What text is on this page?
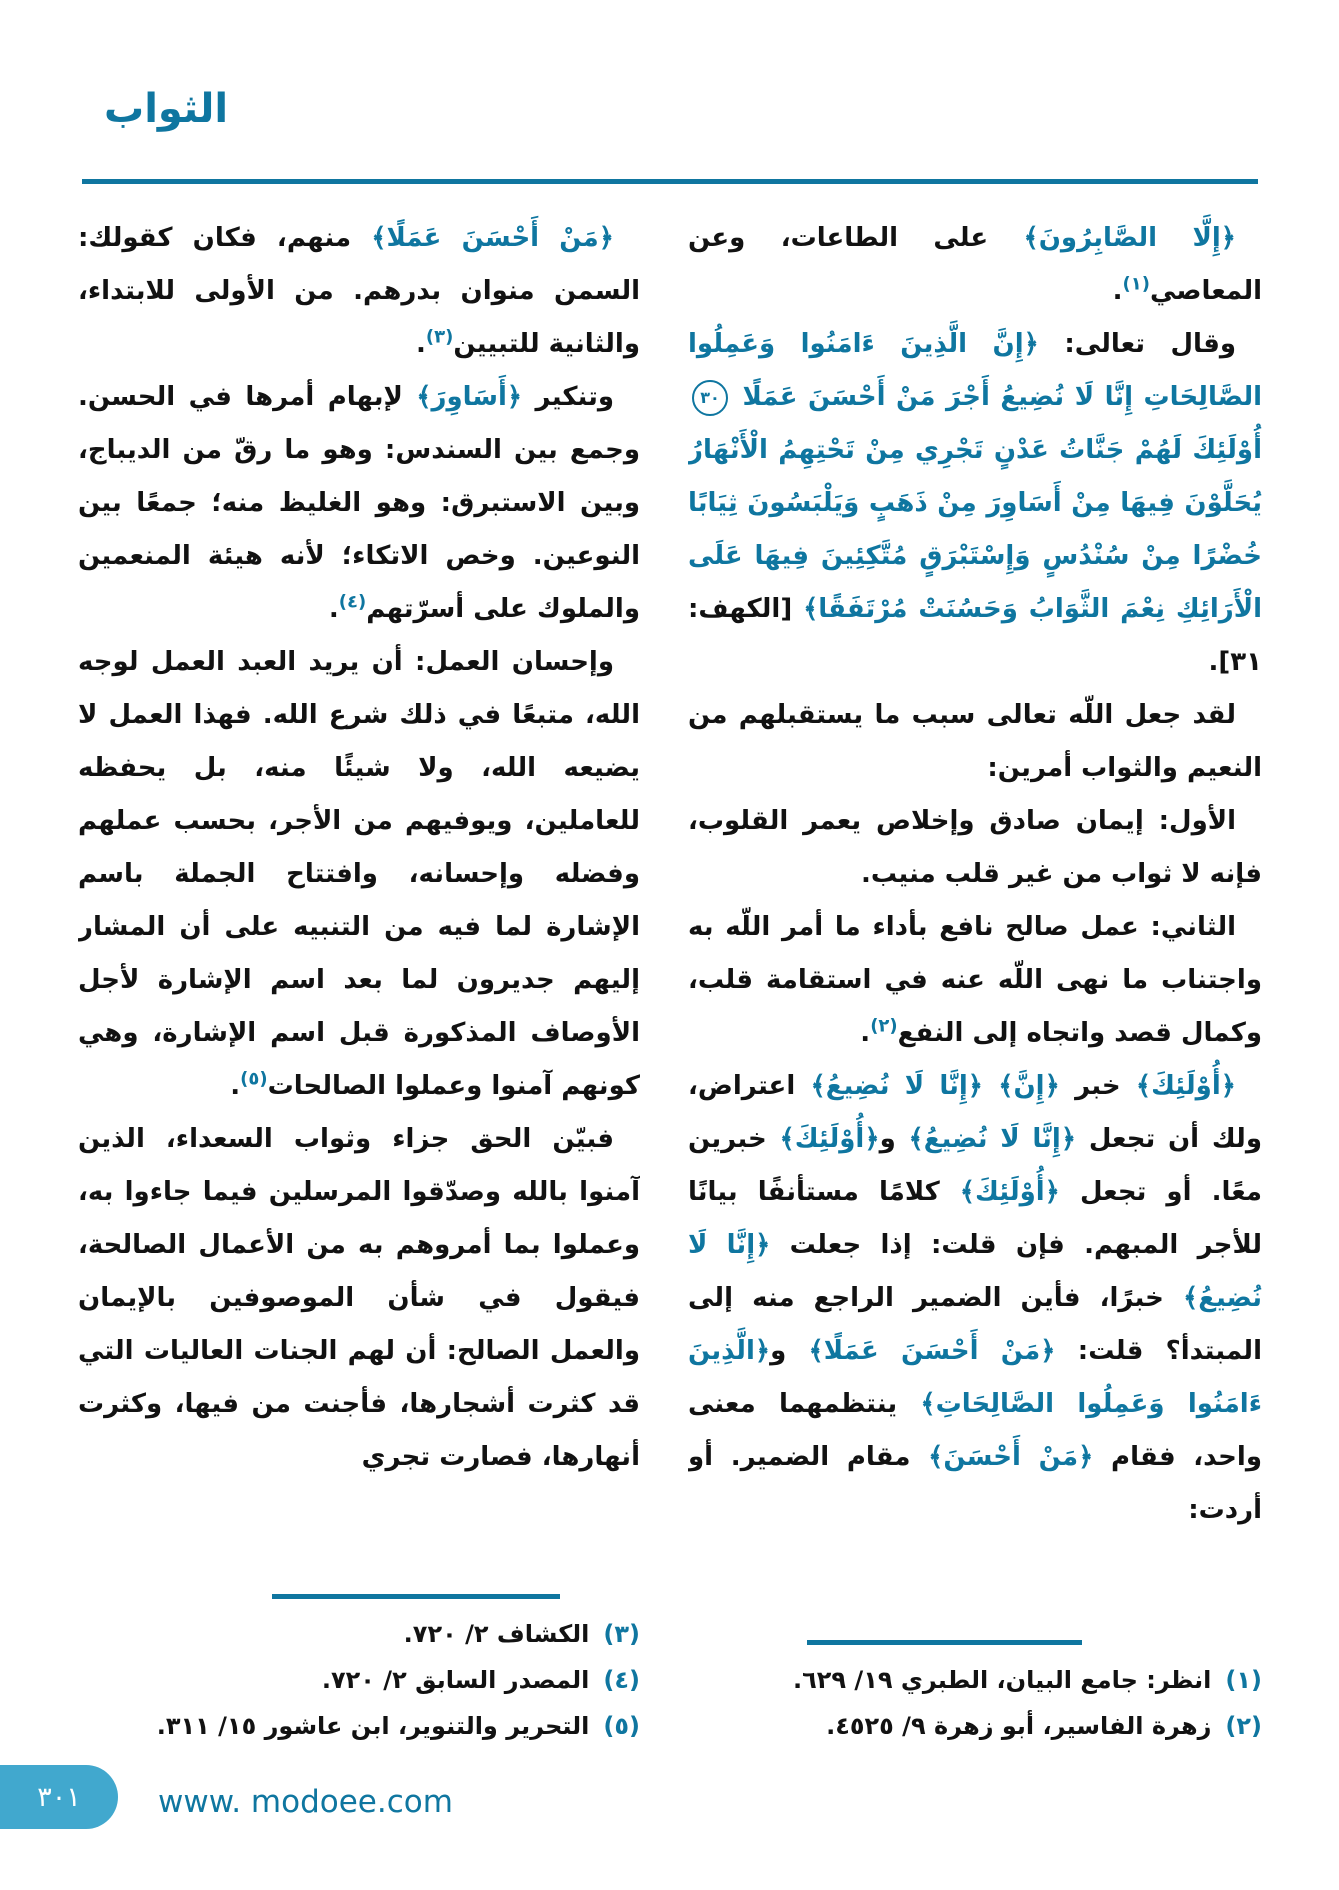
الثواب

﴿إِلَّا الصَّابِرُونَ﴾ على الطاعات، وعن المعاصي$^{(١)}$.

وقال تعالى: ﴿إِنَّ الَّذِينَ ءَامَنُوا وَعَمِلُوا الصَّالِحَاتِ إِنَّا لَا نُضِيعُ أَجْرَ مَنْ أَحْسَنَ عَمَلًا ٣٠ أُوْلَئِكَ لَهُمْ جَنَّاتُ عَدْنٍ تَجْرِي مِنْ تَحْتِهِمُ الْأَنْهَارُ يُحَلَّوْنَ فِيهَا مِنْ أَسَاوِرَ مِنْ ذَهَبٍ وَيَلْبَسُونَ ثِيَابًا خُضْرًا مِنْ سُنْدُسٍ وَإِسْتَبْرَقٍ مُتَّكِئِينَ فِيهَا عَلَى الْأَرَائِكِ نِعْمَ الثَّوَابُ وَحَسُنَتْ مُرْتَفَقًا﴾ [الكهف: ٣١].

لقد جعل اللّه تعالى سبب ما يستقبلهم من النعيم والثواب أمرين:

الأول: إيمان صادق وإخلاص يعمر القلوب، فإنه لا ثواب من غير قلب منيب.

الثاني: عمل صالح نافع بأداء ما أمر اللّه به واجتناب ما نهى اللّه عنه في استقامة قلب، وكمال قصد واتجاه إلى النفع$^{(٢)}$.

﴿أُوْلَئِكَ﴾ خبر ﴿إِنَّ﴾ ﴿إِنَّا لَا نُضِيعُ﴾ اعتراض، ولك أن تجعل ﴿إِنَّا لَا نُضِيعُ﴾ و﴿أُوْلَئِكَ﴾ خبرين معًا. أو تجعل ﴿أُوْلَئِكَ﴾ كلامًا مستأنفًا بيانًا للأجر المبهم. فإن قلت: إذا جعلت ﴿إِنَّا لَا نُضِيعُ﴾ خبرًا، فأين الضمير الراجع منه إلى المبتدأ؟ قلت: ﴿مَنْ أَحْسَنَ عَمَلًا﴾ و﴿الَّذِينَ ءَامَنُوا وَعَمِلُوا الصَّالِحَاتِ﴾ ينتظمهما معنى واحد، فقام ﴿مَنْ أَحْسَنَ﴾ مقام الضمير. أو أردت:

﴿مَنْ أَحْسَنَ عَمَلًا﴾ منهم، فكان كقولك: السمن منوان بدرهم. من الأولى للابتداء، والثانية للتبيين$^{(٣)}$.

وتنكير ﴿أَسَاوِرَ﴾ لإبهام أمرها في الحسن. وجمع بين السندس: وهو ما رقّ من الديباج، وبين الاستبرق: وهو الغليظ منه؛ جمعًا بين النوعين. وخص الاتكاء؛ لأنه هيئة المنعمين والملوك على أسرّتهم$^{(٤)}$.

وإحسان العمل: أن يريد العبد العمل لوجه الله، متبعًا في ذلك شرع الله. فهذا العمل لا يضيعه الله، ولا شيئًا منه، بل يحفظه للعاملين، ويوفيهم من الأجر، بحسب عملهم وفضله وإحسانه، وافتتاح الجملة باسم الإشارة لما فيه من التنبيه على أن المشار إليهم جديرون لما بعد اسم الإشارة لأجل الأوصاف المذكورة قبل اسم الإشارة، وهي كونهم آمنوا وعملوا الصالحات$^{(٥)}$.

فبيّن الحق جزاء وثواب السعداء، الذين آمنوا بالله وصدّقوا المرسلين فيما جاءوا به، وعملوا بما أمروهم به من الأعمال الصالحة، فيقول في شأن الموصوفين بالإيمان والعمل الصالح: أن لهم الجنات العاليات التي قد كثرت أشجارها، فأجنت من فيها، وكثرت أنهارها، فصارت تجري

(١)انظر: جامع البيان، الطبري ١٩/ ٦٢٩.
(٢)زهرة الفاسير، أبو زهرة ٩/ ٤٥٢٥.
(٣)الكشاف ٢/ ٧٢٠.
(٤)المصدر السابق ٢/ ٧٢٠.
(٥)التحرير والتنوير، ابن عاشور ١٥/ ٣١١.
٣٠١ www. modoee.com
